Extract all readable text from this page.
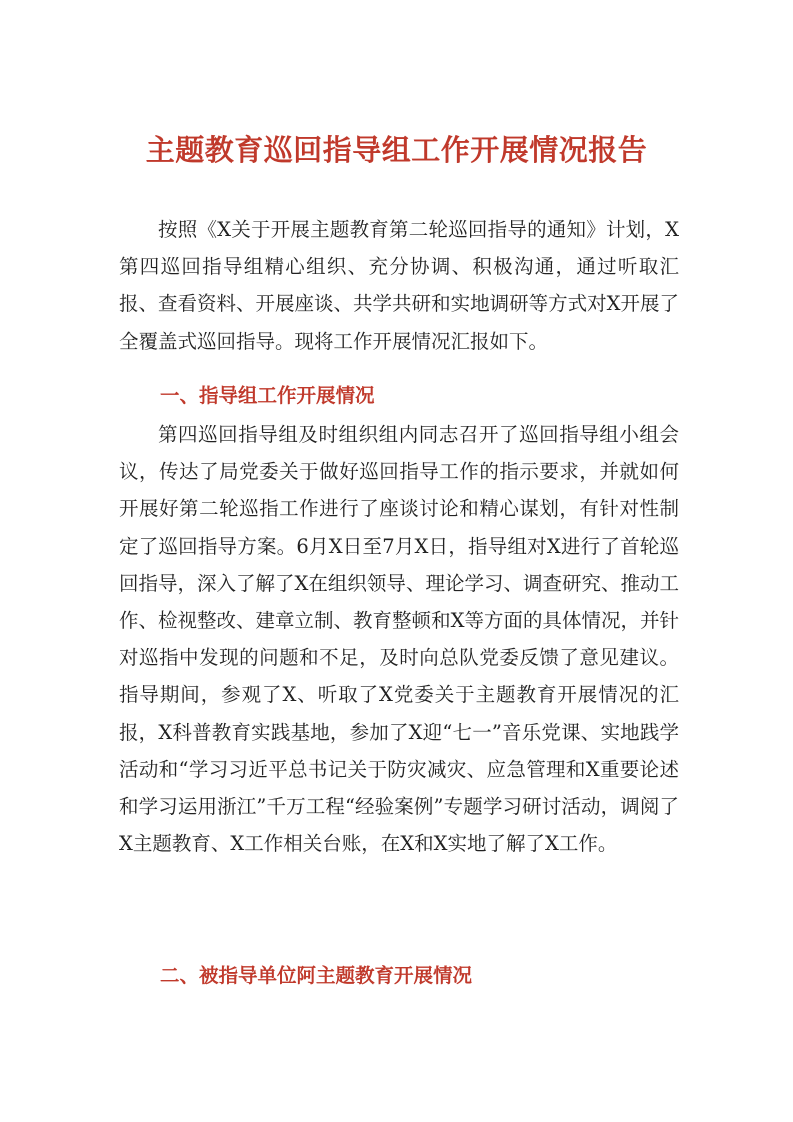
主题教育巡回指导组工作开展情况报告

按照《X关于开展主题教育第二轮巡回指导的通知》计划，X第四巡回指导组精心组织、充分协调、积极沟通，通过听取汇报、查看资料、开展座谈、共学共研和实地调研等方式对X开展了全覆盖式巡回指导。现将工作开展情况汇报如下。

一、指导组工作开展情况

第四巡回指导组及时组织组内同志召开了巡回指导组小组会议，传达了局党委关于做好巡回指导工作的指示要求，并就如何开展好第二轮巡指工作进行了座谈讨论和精心谋划，有针对性制定了巡回指导方案。6月X日至7月X日，指导组对X进行了首轮巡回指导，深入了解了X在组织领导、理论学习、调查研究、推动工作、检视整改、建章立制、教育整顿和X等方面的具体情况，并针对巡指中发现的问题和不足，及时向总队党委反馈了意见建议。指导期间，参观了X、听取了X党委关于主题教育开展情况的汇报，X科普教育实践基地，参加了X迎“七一”音乐党课、实地践学活动和“学习习近平总书记关于防灾减灾、应急管理和X重要论述和学习运用浙江”千万工程“经验案例”专题学习研讨活动，调阅了X主题教育、X工作相关台账，在X和X实地了解了X工作。

二、被指导单位阿主题教育开展情况
